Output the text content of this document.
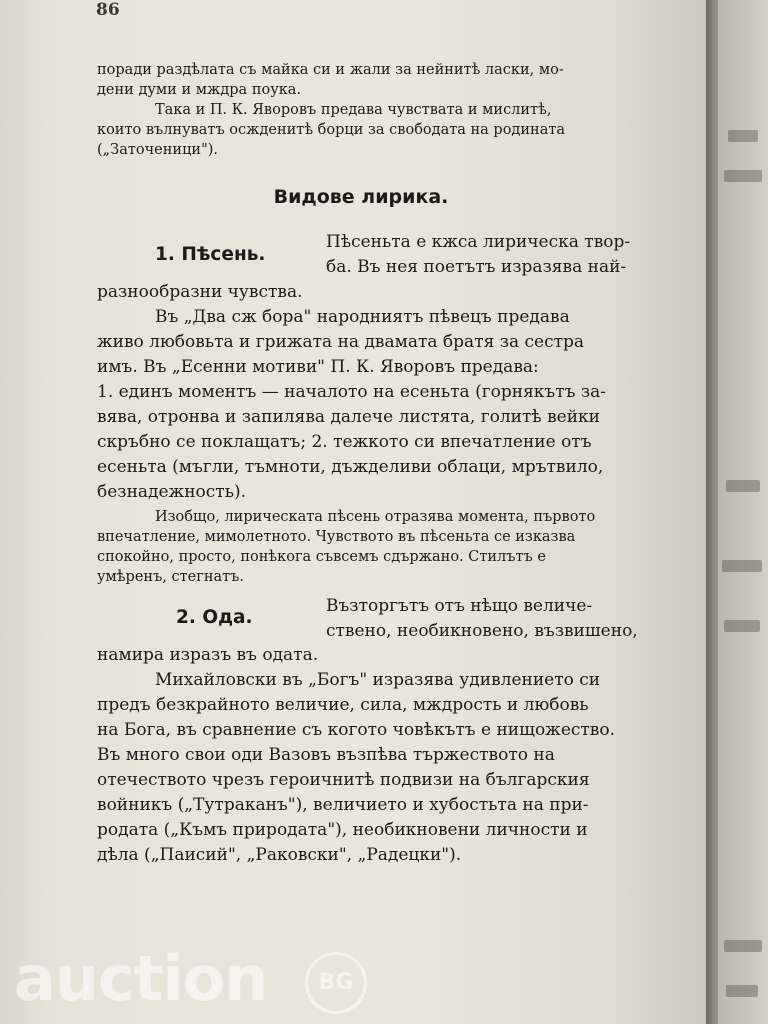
86
поради раздѣлата съ майка си и жали за нейнитѣ ласки, мо-
дени думи и мждра поука.
Така и П. К. Яворовъ предава чувствата и мислитѣ,
които вълнуватъ осжденитѣ борци за свободата на родината
(„Заточеници").
Видове лирика.
1. Пѣсень.
Пѣсеньта е кжса лирическа твор-
ба. Въ нея поетътъ изразява най-
разнообразни чувства.
Въ „Два сж бора" народниятъ пѣвецъ предава
живо любовьта и грижата на двамата братя за сестра
имъ. Въ „Есенни мотиви" П. К. Яворовъ предава:
1. единъ моментъ — началото на есеньта (горнякътъ за-
вява, отронва и запилява далече листята, голитѣ вейки
скръбно се поклащатъ; 2. тежкото си впечатление отъ
есеньта (мъгли, тъмноти, дъжделиви облаци, мрътвило,
безнадежность).
Изобщо, лирическата пѣсень отразява момента, първото
впечатление, мимолетното. Чувството въ пѣсеньта се изказва
спокойно, просто, понѣкога съвсемъ сдържано. Стилътъ е
умѣренъ, стегнатъ.
2. Ода.
Възторгътъ отъ нѣщо величе-
ствено, необикновено, възвишено,
намира изразъ въ одата.
Михайловски въ „Богъ" изразява удивлението си
предъ безкрайното величие, сила, мждрость и любовь
на Бога, въ сравнение съ когото човѣкътъ е нищожество.
Въ много свои оди Вазовъ възпѣва тържеството на
отечеството чрезъ героичнитѣ подвизи на българския
войникъ („Тутраканъ"), величието и хубостьта на при-
родата („Къмъ природата"), необикновени личности и
дѣла („Паисий", „Раковски", „Радецки").
auction	BG
